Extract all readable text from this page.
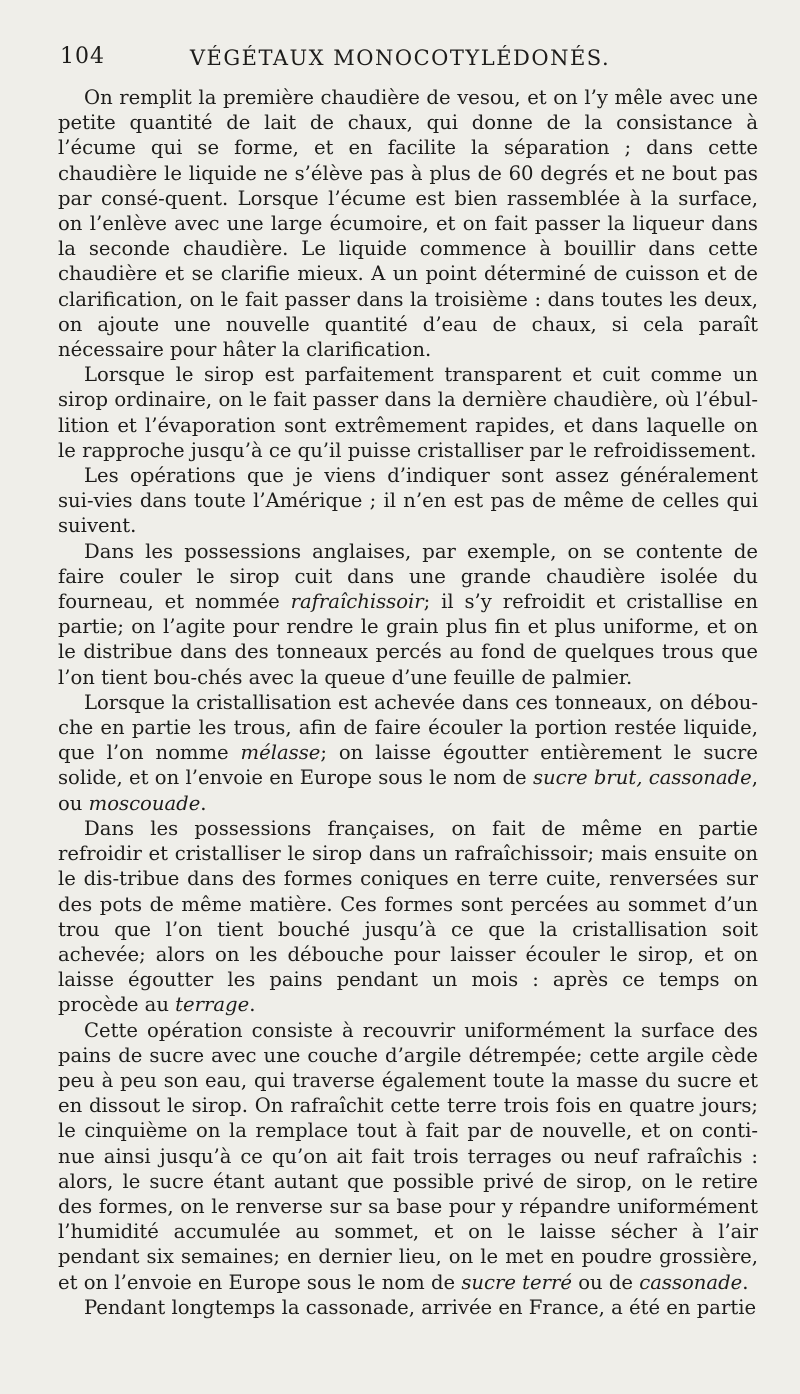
104	VÉGÉTAUX MONOCOTYLÉDONÉS.

On remplit la première chaudière de vesou, et on l’y mêle avec une petite quantité de lait de chaux, qui donne de la consistance à l’écume qui se forme, et en facilite la séparation ; dans cette chaudière le liquide ne s’élève pas à plus de 60 degrés et ne bout pas par consé-quent. Lorsque l’écume est bien rassemblée à la surface, on l’enlève avec une large écumoire, et on fait passer la liqueur dans la seconde chaudière. Le liquide commence à bouillir dans cette chaudière et se clarifie mieux. A un point déterminé de cuisson et de clarification, on le fait passer dans la troisième : dans toutes les deux, on ajoute une nouvelle quantité d’eau de chaux, si cela paraît nécessaire pour hâter la clarification.

Lorsque le sirop est parfaitement transparent et cuit comme un sirop ordinaire, on le fait passer dans la dernière chaudière, où l’ébul-lition et l’évaporation sont extrêmement rapides, et dans laquelle on le rapproche jusqu’à ce qu’il puisse cristalliser par le refroidissement.

Les opérations que je viens d’indiquer sont assez généralement sui-vies dans toute l’Amérique ; il n’en est pas de même de celles qui suivent.

Dans les possessions anglaises, par exemple, on se contente de faire couler le sirop cuit dans une grande chaudière isolée du fourneau, et nommée rafraîchissoir; il s’y refroidit et cristallise en partie; on l’agite pour rendre le grain plus fin et plus uniforme, et on le distribue dans des tonneaux percés au fond de quelques trous que l’on tient bou-chés avec la queue d’une feuille de palmier.

Lorsque la cristallisation est achevée dans ces tonneaux, on débou-che en partie les trous, afin de faire écouler la portion restée liquide, que l’on nomme mélasse; on laisse égoutter entièrement le sucre solide, et on l’envoie en Europe sous le nom de sucre brut, cassonade, ou moscouade.

Dans les possessions françaises, on fait de même en partie refroidir et cristalliser le sirop dans un rafraîchissoir; mais ensuite on le dis-tribue dans des formes coniques en terre cuite, renversées sur des pots de même matière. Ces formes sont percées au sommet d’un trou que l’on tient bouché jusqu’à ce que la cristallisation soit achevée; alors on les débouche pour laisser écouler le sirop, et on laisse égoutter les pains pendant un mois : après ce temps on procède au terrage.

Cette opération consiste à recouvrir uniformément la surface des pains de sucre avec une couche d’argile détrempée; cette argile cède peu à peu son eau, qui traverse également toute la masse du sucre et en dissout le sirop. On rafraîchit cette terre trois fois en quatre jours; le cinquième on la remplace tout à fait par de nouvelle, et on conti-nue ainsi jusqu’à ce qu’on ait fait trois terrages ou neuf rafraîchis : alors, le sucre étant autant que possible privé de sirop, on le retire des formes, on le renverse sur sa base pour y répandre uniformément l’humidité accumulée au sommet, et on le laisse sécher à l’air pendant six semaines; en dernier lieu, on le met en poudre grossière, et on l’envoie en Europe sous le nom de sucre terré ou de cassonade.

Pendant longtemps la cassonade, arrivée en France, a été en partie
